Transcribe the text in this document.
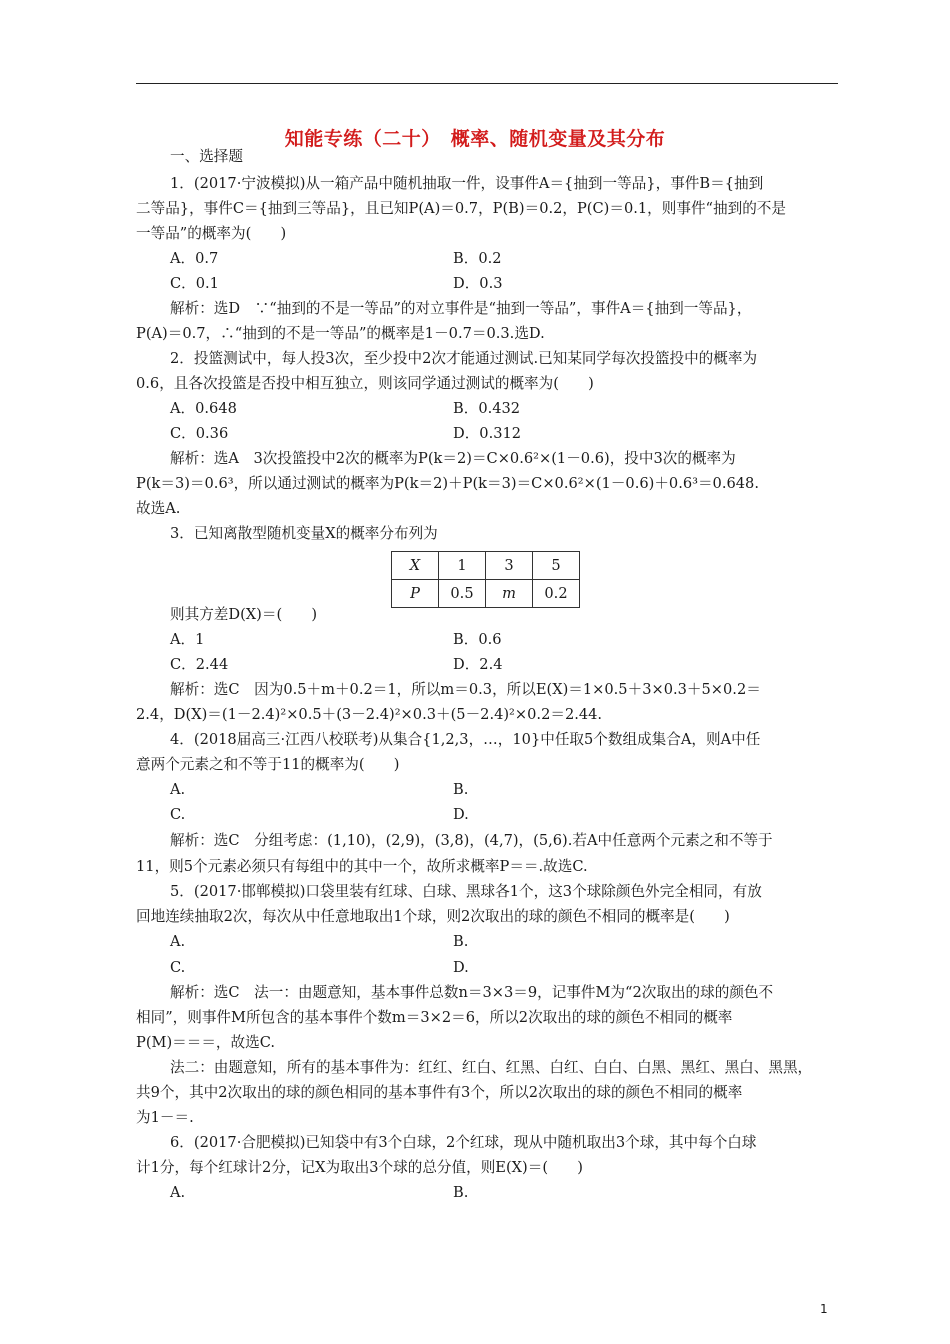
知能专练（二十）　概率、随机变量及其分布
一、选择题
1．(2017·宁波模拟)从一箱产品中随机抽取一件，设事件A＝{抽到一等品}，事件B＝{抽到
二等品}，事件C＝{抽到三等品}，且已知P(A)＝0.7，P(B)＝0.2，P(C)＝0.1，则事件“抽到的不是
一等品”的概率为(　　)
A．0.7	B．0.2
C．0.1	D．0.3
解析：选D　∵“抽到的不是一等品”的对立事件是“抽到一等品”，事件A＝{抽到一等品}，
P(A)＝0.7，∴“抽到的不是一等品”的概率是1－0.7＝0.3.选D.
2．投篮测试中，每人投3次，至少投中2次才能通过测试.已知某同学每次投篮投中的概率为
0.6，且各次投篮是否投中相互独立，则该同学通过测试的概率为(　　)
A．0.648	B．0.432
C．0.36	D．0.312
解析：选A　3次投篮投中2次的概率为P(k＝2)＝C×0.6²×(1－0.6)，投中3次的概率为
P(k＝3)＝0.6³，所以通过测试的概率为P(k＝2)＋P(k＝3)＝C×0.6²×(1－0.6)＋0.6³＝0.648.
故选A.
3．已知离散型随机变量X的概率分布列为
X	1	3	5
P	0.5	m	0.2
则其方差D(X)＝(　　)
A．1	B．0.6
C．2.44	D．2.4
解析：选C　因为0.5＋m＋0.2＝1，所以m＝0.3，所以E(X)＝1×0.5＋3×0.3＋5×0.2＝
2.4，D(X)＝(1－2.4)²×0.5＋(3－2.4)²×0.3＋(5－2.4)²×0.2＝2.44.
4．(2018届高三·江西八校联考)从集合{1,2,3，…，10}中任取5个数组成集合A，则A中任
意两个元素之和不等于11的概率为(　　)
A.	B.
C.	D.
解析：选C　分组考虑：(1,10)，(2,9)，(3,8)，(4,7)，(5,6).若A中任意两个元素之和不等于
11，则5个元素必须只有每组中的其中一个，故所求概率P＝＝.故选C.
5．(2017·邯郸模拟)口袋里装有红球、白球、黑球各1个，这3个球除颜色外完全相同，有放
回地连续抽取2次，每次从中任意地取出1个球，则2次取出的球的颜色不相同的概率是(　　)
A.	B.
C.	D.
解析：选C　法一：由题意知，基本事件总数n＝3×3＝9，记事件M为“2次取出的球的颜色不
相同”，则事件M所包含的基本事件个数m＝3×2＝6，所以2次取出的球的颜色不相同的概率
P(M)＝＝＝，故选C.
法二：由题意知，所有的基本事件为：红红、红白、红黑、白红、白白、白黑、黑红、黑白、黑黑，
共9个，其中2次取出的球的颜色相同的基本事件有3个，所以2次取出的球的颜色不相同的概率
为1－＝.
6．(2017·合肥模拟)已知袋中有3个白球，2个红球，现从中随机取出3个球，其中每个白球
计1分，每个红球计2分，记X为取出3个球的总分值，则E(X)＝(　　)
A.	B.
1
